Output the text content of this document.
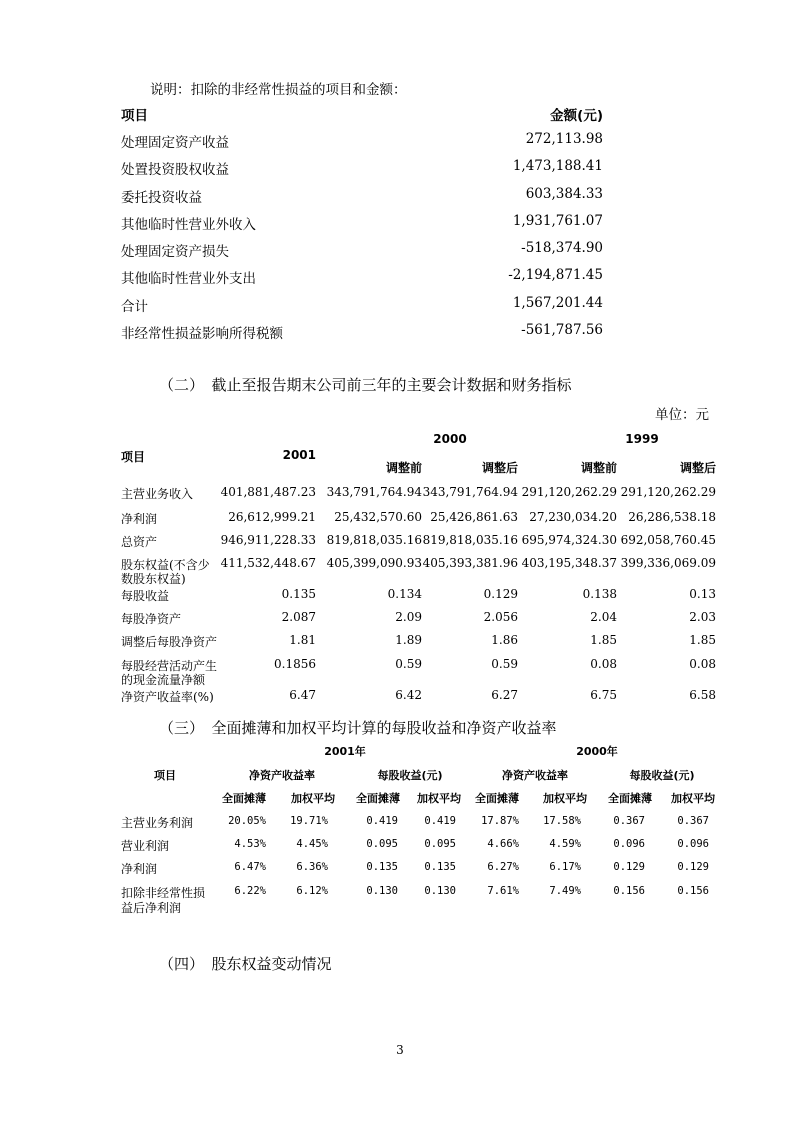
说明：扣除的非经常性损益的项目和金额：
项目	金额(元)
处理固定资产收益	272,113.98
处置投资股权收益	1,473,188.41
委托投资收益	603,384.33
其他临时性营业外收入	1,931,761.07
处理固定资产损失	-518,374.90
其他临时性营业外支出	-2,194,871.45
合计	1,567,201.44
非经常性损益影响所得税额	-561,787.56
（二）　截止至报告期末公司前三年的主要会计数据和财务指标
单位：元
项目	2001
2000	1999
调整前	调整后	调整前	调整后
主营业务收入	401,881,487.23 343,791,764.94 343,791,764.94 291,120,262.29 291,120,262.29
净利润	26,612,999.21	25,432,570.60 25,426,861.63 27,230,034.20 26,286,538.18
总资产	946,911,228.33 819,818,035.16 819,818,035.16 695,974,324.30 692,058,760.45
股东权益(不含少
数股东权益)
411,532,448.67 405,399,090.93 405,393,381.96 403,195,348.37 399,336,069.09
每股收益	0.135	0.134	0.129	0.138	0.13
每股净资产	2.087	2.09	2.056	2.04	2.03
调整后每股净资产	1.81	1.89	1.86	1.85	1.85
每股经营活动产生
的现金流量净额
0.1856	0.59	0.59	0.08	0.08
净资产收益率(%)	6.47	6.42	6.27	6.75	6.58
（三）　全面摊薄和加权平均计算的每股收益和净资产收益率
2001年	2000年
项目	净资产收益率	每股收益(元)	净资产收益率	每股收益(元)
全面摊薄	加权平均	全面摊薄	加权平均	全面摊薄	加权平均	全面摊薄	加权平均
主营业务利润	20.05%	19.71%	0.419	0.419	17.87%	17.58%	0.367	0.367
营业利润	4.53%	4.45%	0.095	0.095	4.66%	4.59%	0.096	0.096
净利润	6.47%	6.36%	0.135	0.135	6.27%	6.17%	0.129	0.129
扣除非经常性损
益后净利润
6.22%	6.12%	0.130	0.130	7.61%	7.49%	0.156	0.156
（四）　股东权益变动情况
3
